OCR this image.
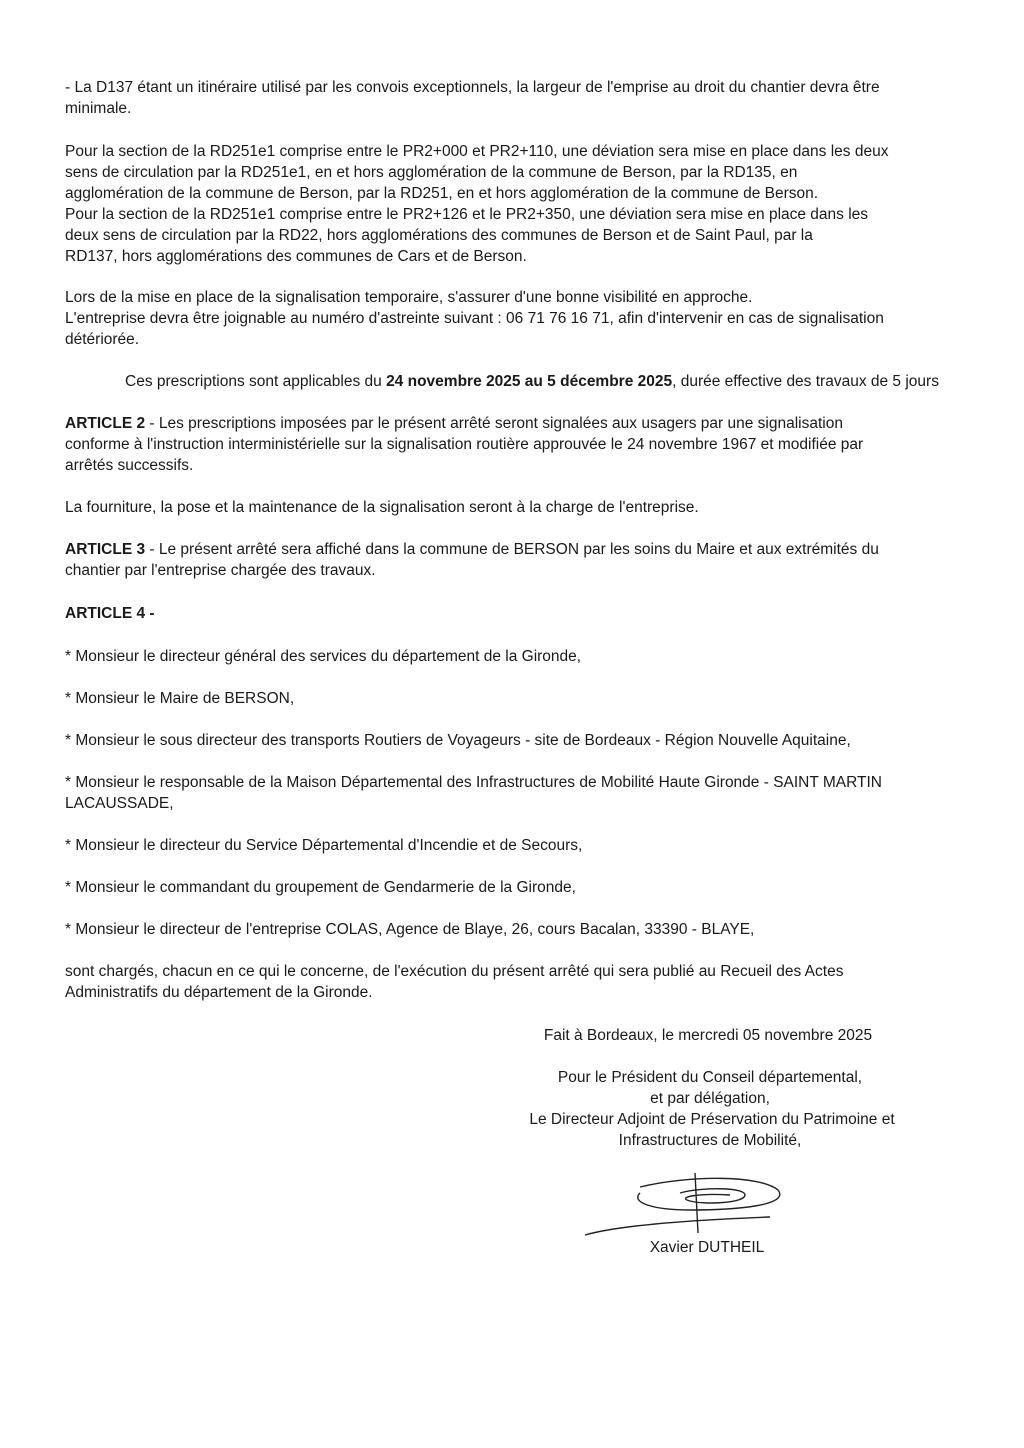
- La D137 étant un itinéraire utilisé par les convois exceptionnels, la largeur de l'emprise au droit du chantier devra être
minimale.
Pour la section de la RD251e1 comprise entre le PR2+000 et PR2+110, une déviation sera mise en place dans les deux
sens de circulation par la RD251e1, en et hors agglomération de la commune de Berson, par la RD135, en
agglomération de la commune de Berson, par la RD251, en et hors agglomération de la commune de Berson.
Pour la section de la RD251e1 comprise entre le PR2+126 et le PR2+350, une déviation sera mise en place dans les
deux sens de circulation par la RD22, hors agglomérations des communes de Berson et de Saint Paul, par la
RD137, hors agglomérations des communes de Cars et de Berson.
Lors de la mise en place de la signalisation temporaire, s'assurer d'une bonne visibilité en approche.
L'entreprise devra être joignable au numéro d'astreinte suivant : 06 71 76 16 71, afin d'intervenir en cas de signalisation
détériorée.
Ces prescriptions sont applicables du 24 novembre 2025 au 5 décembre 2025, durée effective des travaux de 5 jours
ARTICLE 2 - Les prescriptions imposées par le présent arrêté seront signalées aux usagers par une signalisation
conforme à l'instruction interministérielle sur la signalisation routière approuvée le 24 novembre 1967 et modifiée par
arrêtés successifs.
La fourniture, la pose et la maintenance de la signalisation seront à la charge de l'entreprise.
ARTICLE 3 - Le présent arrêté sera affiché dans la commune de BERSON par les soins du Maire et aux extrémités du
chantier par l'entreprise chargée des travaux.
ARTICLE 4 -
* Monsieur le directeur général des services du département de la Gironde,
* Monsieur le Maire de BERSON,
* Monsieur le sous directeur des transports Routiers de Voyageurs - site de Bordeaux - Région Nouvelle Aquitaine,
* Monsieur le responsable de la Maison Départemental des Infrastructures de Mobilité Haute Gironde - SAINT MARTIN
LACAUSSADE,
* Monsieur le directeur du Service Départemental d'Incendie et de Secours,
* Monsieur le commandant du groupement de Gendarmerie de la Gironde,
* Monsieur le directeur de l'entreprise COLAS, Agence de Blaye, 26, cours Bacalan, 33390 - BLAYE,
sont chargés, chacun en ce qui le concerne, de l'exécution du présent arrêté qui sera publié au Recueil des Actes
Administratifs du département de la Gironde.
Fait à Bordeaux, le mercredi 05 novembre 2025
Pour le Président du Conseil départemental,
et par délégation,
Le Directeur Adjoint de Préservation du Patrimoine et
Infrastructures de Mobilité,
Xavier DUTHEIL
